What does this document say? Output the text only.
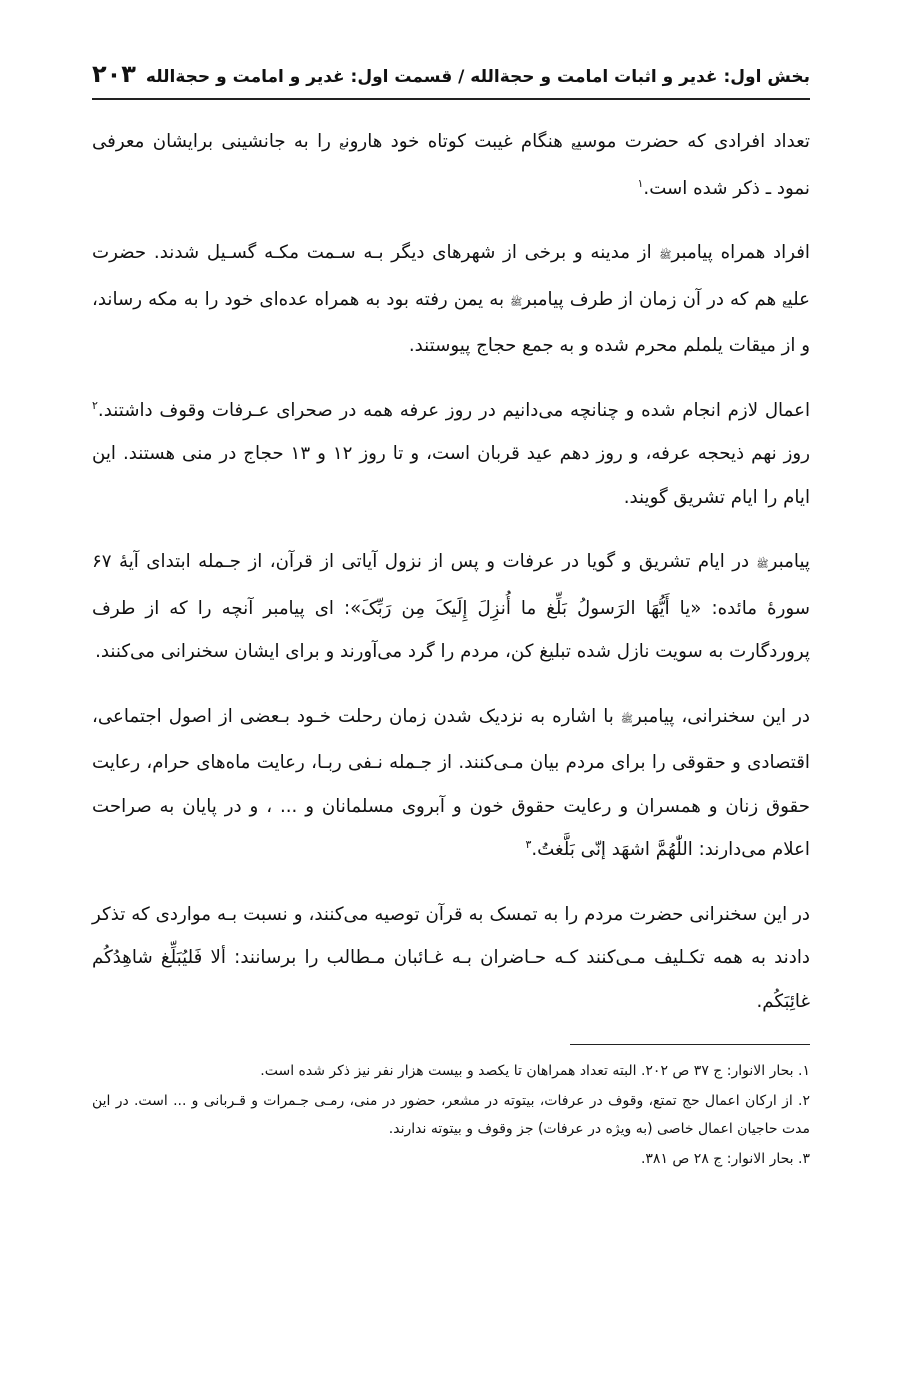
بخش اول: غدیر و اثبات امامت و حجةالله / قسمت اول: غدیر و امامت و حجةالله
۲۰۳

تعداد افرادی که حضرت موسیع هنگام غیبت کوتاه خود هارونع را به جانشینی برایشان معرفی نمود ـ ذکر شده است.$^۱$

افراد همراه پیامبرﷺ از مدینه و برخی از شهرهای دیگر بـه سـمت مکـه گسـیل شدند. حضرت علیع هم که در آن زمان از طرف پیامبرﷺ به یمن رفته بود به همراه عده‌ای خود را به مکه رساند، و از میقات یلملم محرم شده و به جمع حجاج پیوستند.

اعمال لازم انجام شده و چنانچه می‌دانیم در روز عرفه همه در صحرای عـرفات وقوف داشتند.$^۲$ روز نهم ذیحجه عرفه، و روز دهم عید قربان است، و تا روز ۱۲ و ۱۳ حجاج در منی هستند. این ایام را ایام تشریق گویند.

پیامبرﷺ در ایام تشریق و گویا در عرفات و پس از نزول آیاتی از قرآن، از جـمله ابتدای آیهٔ ۶۷ سورهٔ مائده: «یا أَیُّهَا الرَسولُ بَلِّغ ما أُنزِلَ إِلَیکَ مِن رَبِّکَ»: ای پیامبر آنچه را که از طرف پروردگارت به سویت نازل شده تبلیغ کن، مردم را گرد می‌آورند و برای ایشان سخنرانی می‌کنند.

در این سخنرانی، پیامبرﷺ با اشاره به نزدیک شدن زمان رحلت خـود بـعضی از اصول اجتماعی، اقتصادی و حقوقی را برای مردم بیان مـی‌کنند. از جـمله نـفی ربـا، رعایت ماه‌های حرام، رعایت حقوق زنان و همسران و رعایت حقوق خون و آبروی مسلمانان و ... ، و در پایان به صراحت اعلام می‌دارند: اللّٰهُمَّ اشهَد إنّی بَلَّغتُ.$^۳$

در این سخنرانی حضرت مردم را به تمسک به قرآن توصیه می‌کنند، و نسبت بـه مواردی که تذکر دادند به همه تکـلیف مـی‌کنند کـه حـاضران بـه غـائبان مـطالب را برسانند: ألا فَلیُبَلِّغ شاهِدُکُم غائِبَکُم.

۱. بحار الانوار: ج ۳۷ ص ۲۰۲. البته تعداد همراهان تا یکصد و بیست هزار نفر نیز ذکر شده است.

۲. از ارکان اعمال حج تمتع، وقوف در عرفات، بیتوته در مشعر، حضور در منی، رمـی جـمرات و قـربانی و ... است. در این مدت حاجیان اعمال خاصی (به ویژه در عرفات) جز وقوف و بیتوته ندارند.

۳. بحار الانوار: ج ۲۸ ص ۳۸۱.
